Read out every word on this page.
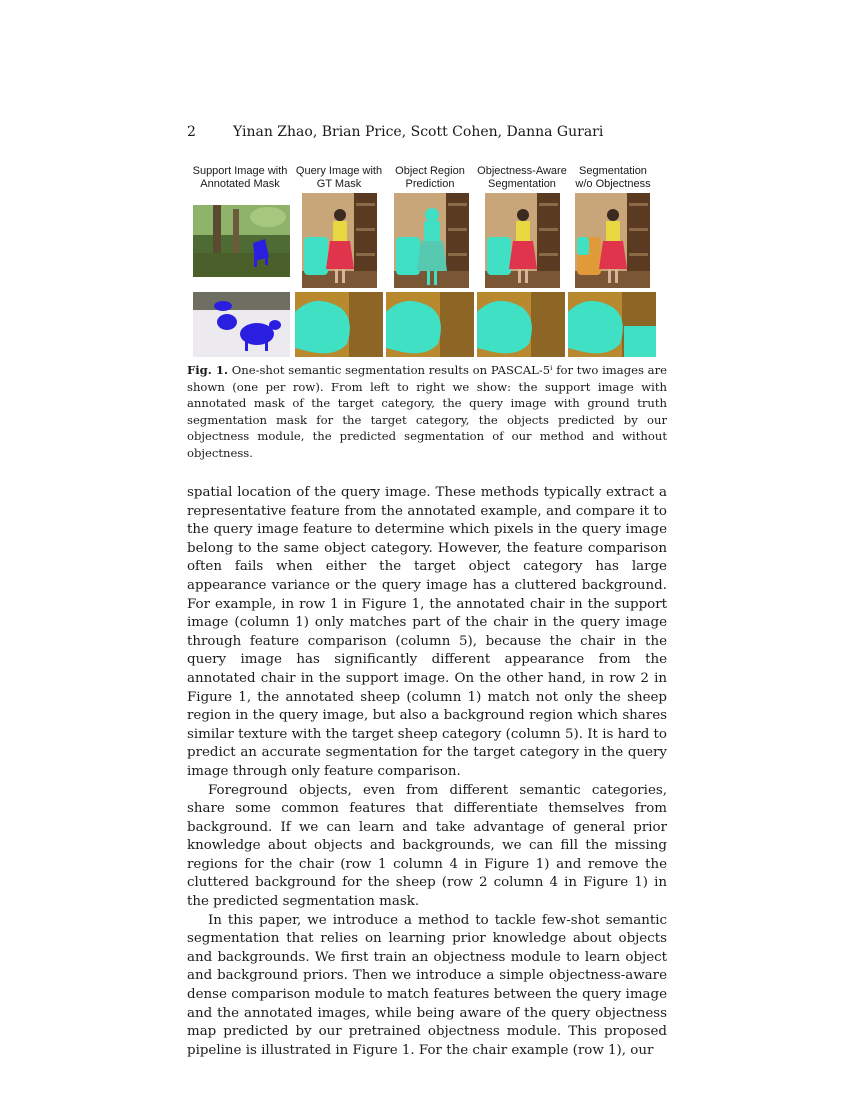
2	Yinan Zhao, Brian Price, Scott Cohen, Danna Gurari
Support Image with
Annotated Mask
Query Image with
GT Mask
Object Region
Prediction
Objectness-Aware
Segmentation
Segmentation
w/o Objectness
Fig. 1. One-shot semantic segmentation results on PASCAL-5ⁱ for two images are shown (one per row). From left to right we show: the support image with annotated mask of the target category, the query image with ground truth segmentation mask for the target category, the objects predicted by our objectness module, the predicted segmentation of our method and without objectness.

spatial location of the query image. These methods typically extract a representative feature from the annotated example, and compare it to the query image feature to determine which pixels in the query image belong to the same object category. However, the feature comparison often fails when either the target object category has large appearance variance or the query image has a cluttered background. For example, in row 1 in Figure 1, the annotated chair in the support image (column 1) only matches part of the chair in the query image through feature comparison (column 5), because the chair in the query image has significantly different appearance from the annotated chair in the support image. On the other hand, in row 2 in Figure 1, the annotated sheep (column 1) match not only the sheep region in the query image, but also a background region which shares similar texture with the target sheep category (column 5). It is hard to predict an accurate segmentation for the target category in the query image through only feature comparison.

Foreground objects, even from different semantic categories, share some common features that differentiate themselves from background. If we can learn and take advantage of general prior knowledge about objects and backgrounds, we can fill the missing regions for the chair (row 1 column 4 in Figure 1) and remove the cluttered background for the sheep (row 2 column 4 in Figure 1) in the predicted segmentation mask.

In this paper, we introduce a method to tackle few-shot semantic segmentation that relies on learning prior knowledge about objects and backgrounds. We first train an objectness module to learn object and background priors. Then we introduce a simple objectness-aware dense comparison module to match features between the query image and the annotated images, while being aware of the query objectness map predicted by our pretrained objectness module. This proposed pipeline is illustrated in Figure 1. For the chair example (row 1), our
